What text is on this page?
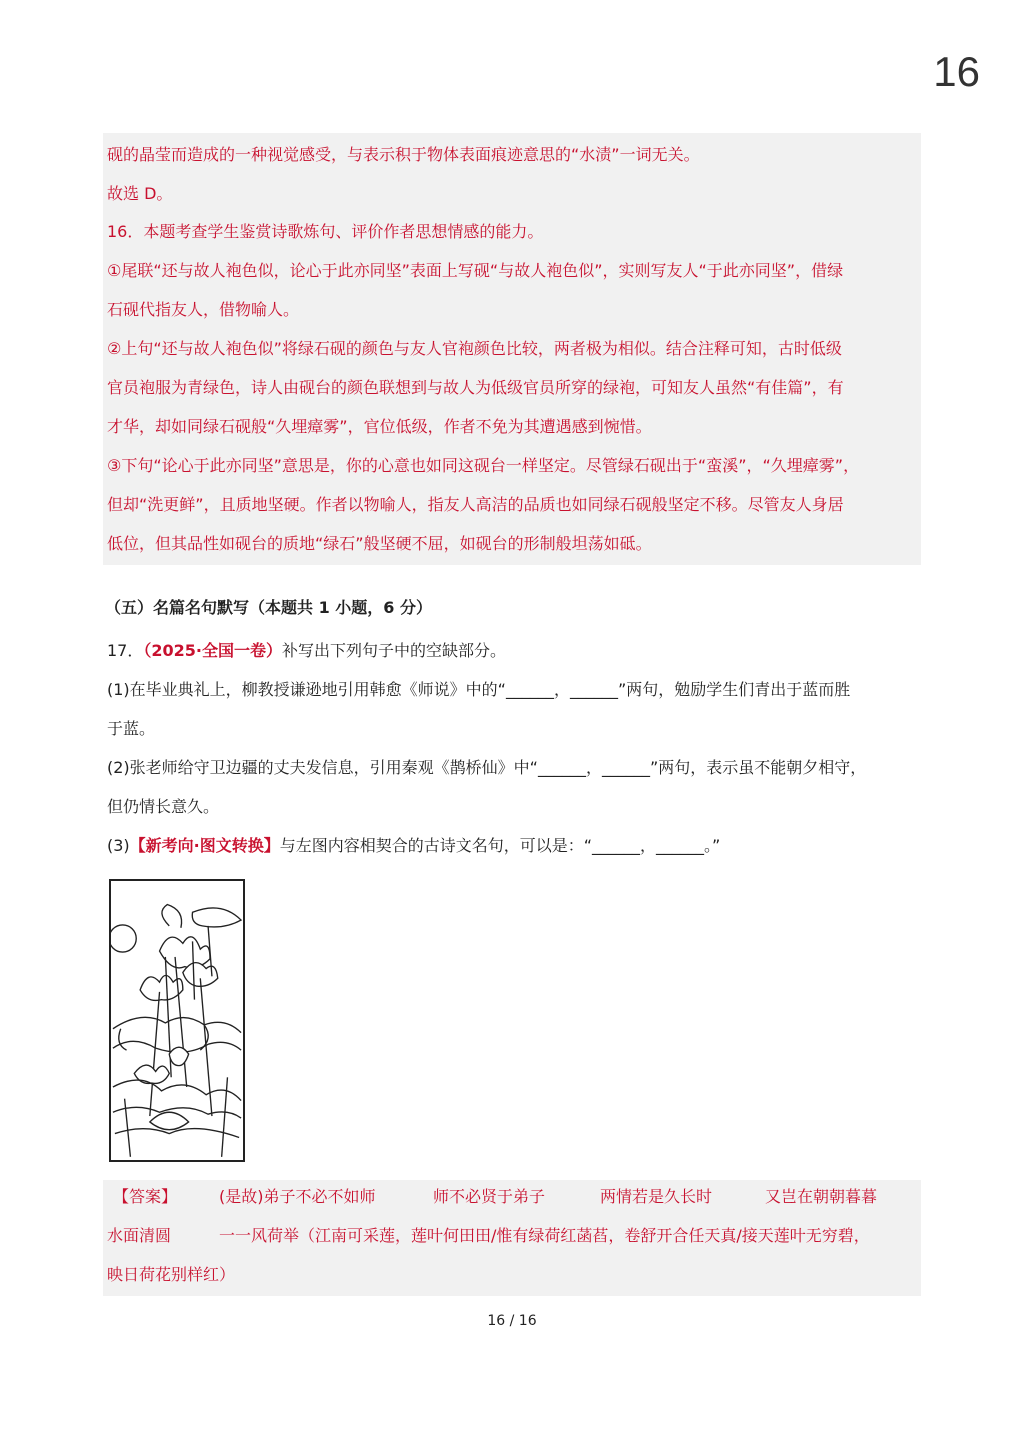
16
砚的晶莹而造成的一种视觉感受，与表示积于物体表面痕迹意思的“水渍”一词无关。
故选 D。
16．本题考查学生鉴赏诗歌炼句、评价作者思想情感的能力。
①尾联“还与故人袍色似，论心于此亦同坚”表面上写砚“与故人袍色似”，实则写友人“于此亦同坚”，借绿
石砚代指友人，借物喻人。
②上句“还与故人袍色似”将绿石砚的颜色与友人官袍颜色比较，两者极为相似。结合注释可知，古时低级
官员袍服为青绿色，诗人由砚台的颜色联想到与故人为低级官员所穿的绿袍，可知友人虽然“有佳篇”，有
才华，却如同绿石砚般“久埋瘴雾”，官位低级，作者不免为其遭遇感到惋惜。
③下句“论心于此亦同坚”意思是，你的心意也如同这砚台一样坚定。尽管绿石砚出于“蛮溪”，“久埋瘴雾”，
但却“洗更鲜”，且质地坚硬。作者以物喻人，指友人高洁的品质也如同绿石砚般坚定不移。尽管友人身居
低位，但其品性如砚台的质地“绿石”般坚硬不屈，如砚台的形制般坦荡如砥。
（五）名篇名句默写（本题共 1 小题，6 分）
17．（2025·全国一卷）补写出下列句子中的空缺部分。
(1)在毕业典礼上，柳教授谦逊地引用韩愈《师说》中的“______，______”两句，勉励学生们青出于蓝而胜
于蓝。
(2)张老师给守卫边疆的丈夫发信息，引用秦观《鹊桥仙》中“______，______”两句，表示虽不能朝夕相守，
但仍情长意久。
(3)【新考向·图文转换】与左图内容相契合的古诗文名句，可以是：“______，______。”
【答案】	(是故)弟子不必不如师	师不必贤于弟子	两情若是久长时	又岂在朝朝暮暮
水面清圆	一一风荷举（江南可采莲，莲叶何田田/惟有绿荷红菡萏，卷舒开合任天真/接天莲叶无穷碧，
映日荷花别样红）
16 / 16
